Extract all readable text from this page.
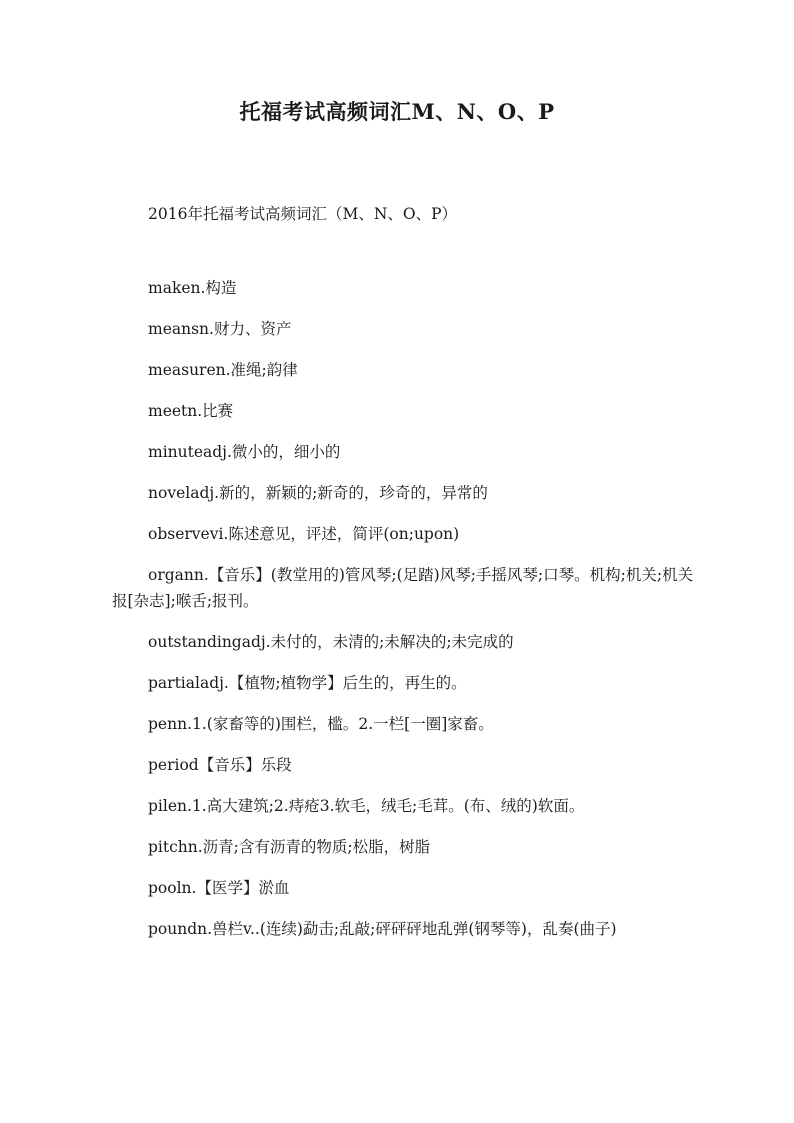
托福考试高频词汇M、N、O、P

2016年托福考试高频词汇（M、N、O、P）

maken.构造
meansn.财力、资产
measuren.准绳;韵律
meetn.比赛
minuteadj.微小的，细小的
noveladj.新的，新颖的;新奇的，珍奇的，异常的
observevi.陈述意见，评述，简评(on;upon)
organn.【音乐】(教堂用的)管风琴;(足踏)风琴;手摇风琴;口琴。机构;机关;机关报[杂志];喉舌;报刊。
outstandingadj.未付的，未清的;未解决的;未完成的
partialadj.【植物;植物学】后生的，再生的。
penn.1.(家畜等的)围栏，槛。2.一栏[一圈]家畜。
period【音乐】乐段
pilen.1.高大建筑;2.痔疮3.软毛，绒毛;毛茸。(布、绒的)软面。
pitchn.沥青;含有沥青的物质;松脂，树脂
pooln.【医学】淤血
poundn.兽栏v..(连续)勐击;乱敲;砰砰砰地乱弹(钢琴等)，乱奏(曲子)
